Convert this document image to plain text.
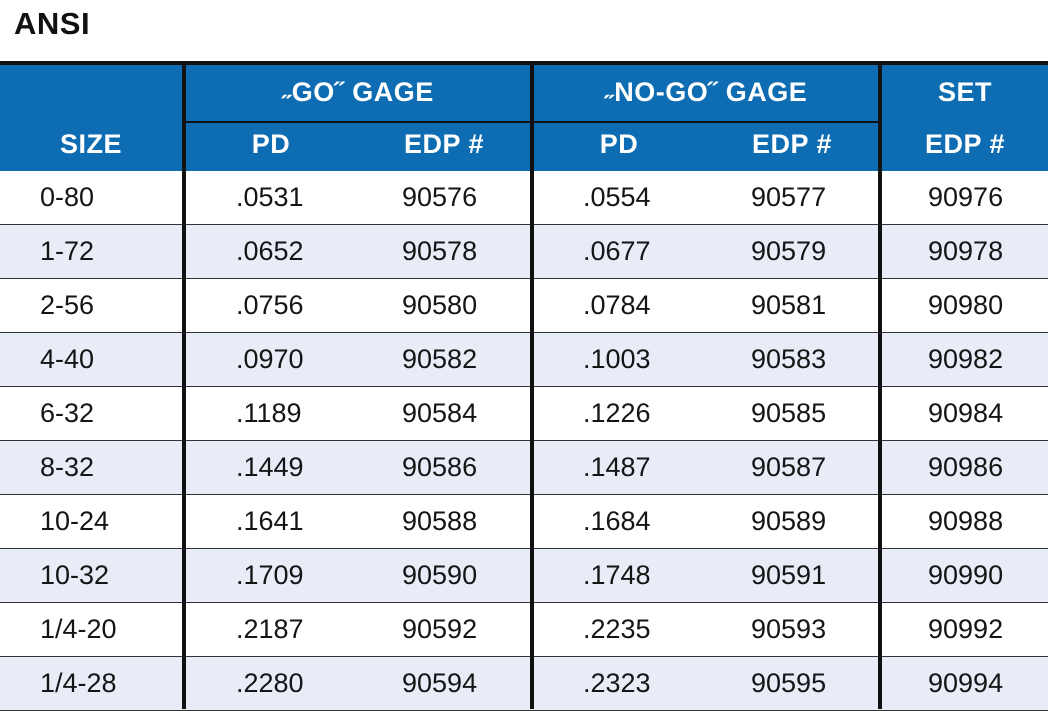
ANSI
˶GO˝ GAGE	˶NO-GO˝ GAGE	SET
SIZE	PD	EDP #	PD	EDP #	EDP #
0-80	.0531	90576	.0554	90577	90976
1-72	.0652	90578	.0677	90579	90978
2-56	.0756	90580	.0784	90581	90980
4-40	.0970	90582	.1003	90583	90982
6-32	.1189	90584	.1226	90585	90984
8-32	.1449	90586	.1487	90587	90986
10-24	.1641	90588	.1684	90589	90988
10-32	.1709	90590	.1748	90591	90990
1/4-20	.2187	90592	.2235	90593	90992
1/4-28	.2280	90594	.2323	90595	90994
